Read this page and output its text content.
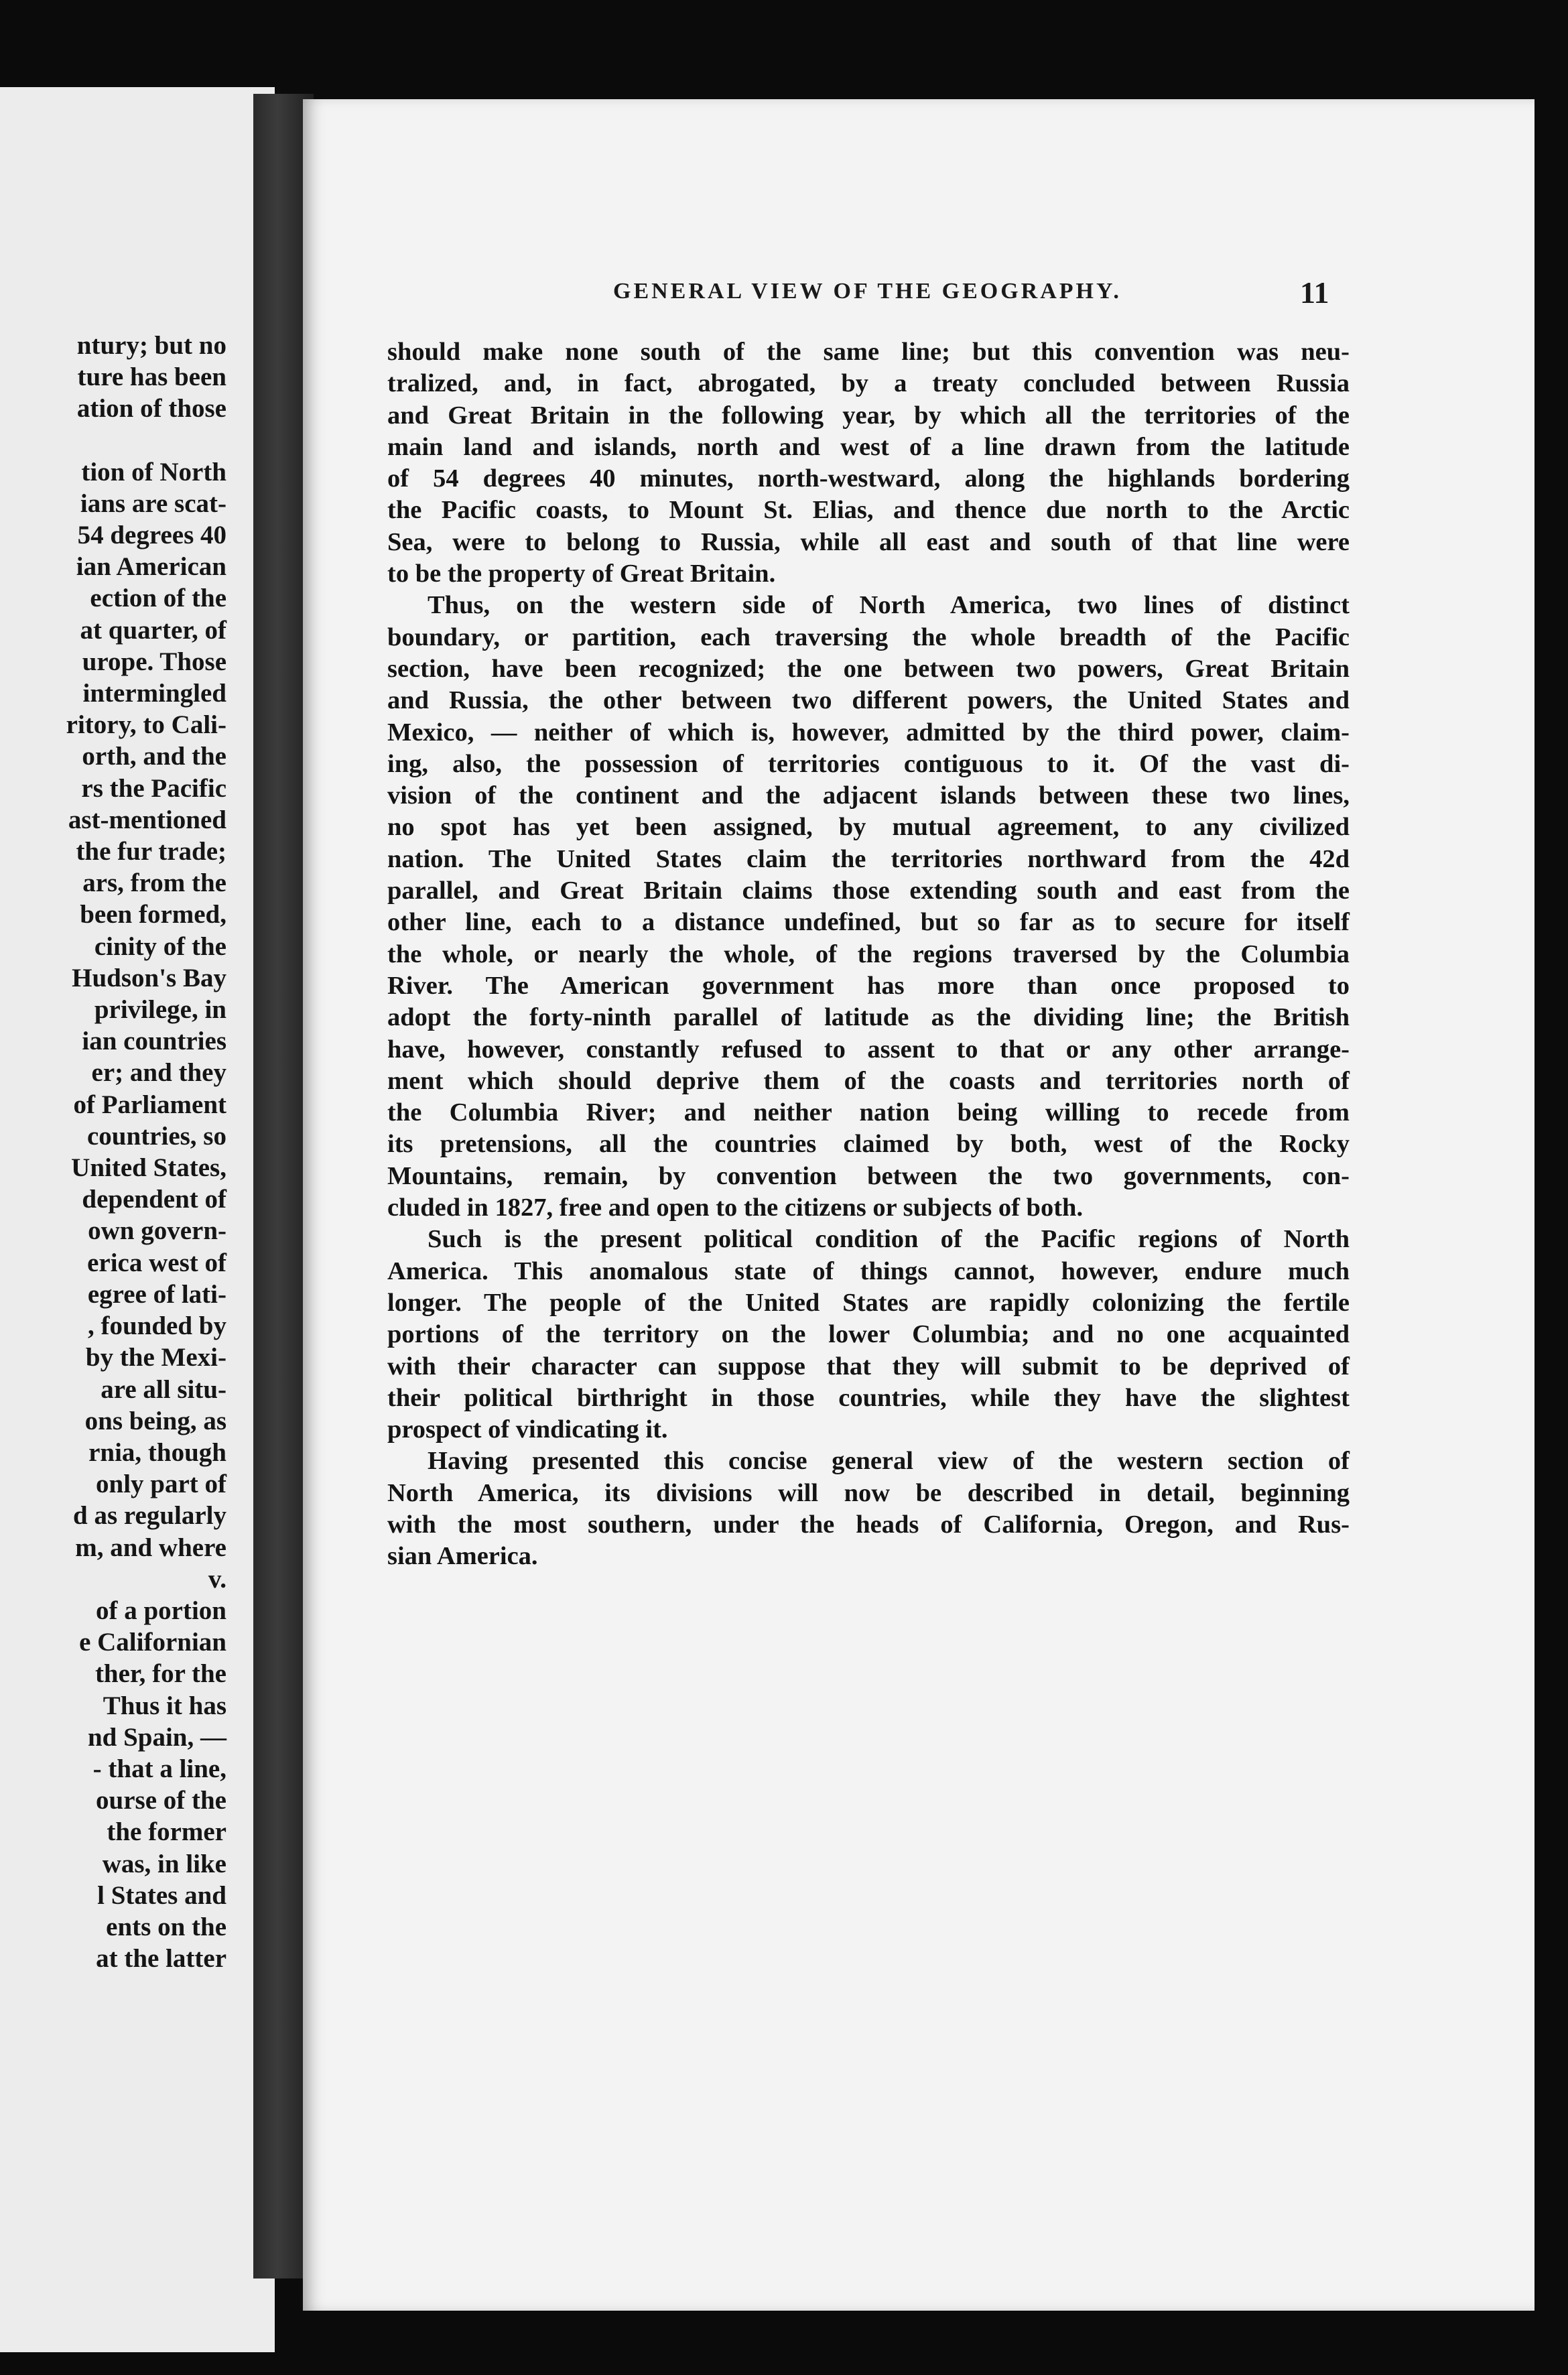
ntury; but no
ture has been
ation of those

tion of North
ians are scat-
54 degrees 40
ian American
ection of the
at quarter, of
urope. Those
intermingled
ritory, to Cali-
orth, and the
rs the Pacific
ast-mentioned
the fur trade;
ars, from the
been formed,
cinity of the
Hudson's Bay
privilege, in
ian countries
er; and they
of Parliament
countries, so
United States,
dependent of
own govern-
erica west of
egree of lati-
, founded by
by the Mexi-
are all situ-
ons being, as
rnia, though
only part of
d as regularly
m, and where
v.
of a portion
e Californian
ther, for the
Thus it has
nd Spain, —
- that a line,
ourse of the
the former
was, in like
l States and
ents on the
at the latter
GENERAL VIEW OF THE GEOGRAPHY.	11

should make none south of the same line; but this convention was neu-

tralized, and, in fact, abrogated, by a treaty concluded between Russia

and Great Britain in the following year, by which all the territories of the

main land and islands, north and west of a line drawn from the latitude

of 54 degrees 40 minutes, north-westward, along the highlands bordering

the Pacific coasts, to Mount St. Elias, and thence due north to the Arctic

Sea, were to belong to Russia, while all east and south of that line were

to be the property of Great Britain.

Thus, on the western side of North America, two lines of distinct

boundary, or partition, each traversing the whole breadth of the Pacific

section, have been recognized; the one between two powers, Great Britain

and Russia, the other between two different powers, the United States and

Mexico, — neither of which is, however, admitted by the third power, claim-

ing, also, the possession of territories contiguous to it. Of the vast di-

vision of the continent and the adjacent islands between these two lines,

no spot has yet been assigned, by mutual agreement, to any civilized

nation. The United States claim the territories northward from the 42d

parallel, and Great Britain claims those extending south and east from the

other line, each to a distance undefined, but so far as to secure for itself

the whole, or nearly the whole, of the regions traversed by the Columbia

River. The American government has more than once proposed to

adopt the forty-ninth parallel of latitude as the dividing line; the British

have, however, constantly refused to assent to that or any other arrange-

ment which should deprive them of the coasts and territories north of

the Columbia River; and neither nation being willing to recede from

its pretensions, all the countries claimed by both, west of the Rocky

Mountains, remain, by convention between the two governments, con-

cluded in 1827, free and open to the citizens or subjects of both.

Such is the present political condition of the Pacific regions of North

America. This anomalous state of things cannot, however, endure much

longer. The people of the United States are rapidly colonizing the fertile

portions of the territory on the lower Columbia; and no one acquainted

with their character can suppose that they will submit to be deprived of

their political birthright in those countries, while they have the slightest

prospect of vindicating it.

Having presented this concise general view of the western section of

North America, its divisions will now be described in detail, beginning

with the most southern, under the heads of California, Oregon, and Rus-

sian America.
